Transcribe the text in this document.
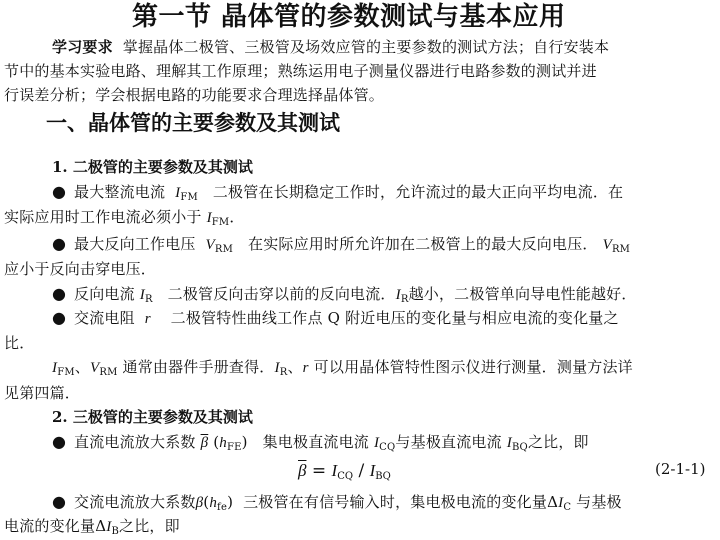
第一节 晶体管的参数测试与基本应用
学习要求 掌握晶体二极管、三极管及场效应管的主要参数的测试方法；自行安装本
节中的基本实验电路、理解其工作原理；熟练运用电子测量仪器进行电路参数的测试并进
行误差分析；学会根据电路的功能要求合理选择晶体管。
一、晶体管的主要参数及其测试
1. 二极管的主要参数及其测试
● 最大整流电流 $I_{FM}$ 二极管在长期稳定工作时，允许流过的最大正向平均电流．在
实际应用时工作电流必须小于 $I_{FM}$．
● 最大反向工作电压 $V_{RM}$ 在实际应用时所允许加在二极管上的最大反向电压． $V_{RM}$
应小于反向击穿电压．
● 反向电流 $I_R$ 二极管反向击穿以前的反向电流．$I_R$越小，二极管单向导电性能越好．
● 交流电阻 r 二极管特性曲线工作点 Q 附近电压的变化量与相应电流的变化量之
比．
$I_{FM}$、$V_{RM}$ 通常由器件手册查得．$I_R$、r 可以用晶体管特性图示仪进行测量．测量方法详
见第四篇．
2. 三极管的主要参数及其测试
● 直流电流放大系数 $\overline{\beta}$ $(h_{FE})$ 集电极直流电流 $I_{CQ}$与基极直流电流 $I_{BQ}$之比，即
$\overline{\beta} = I_{CQ} / I_{BQ}$	(2-1-1)
● 交流电流放大系数$\beta(h_{fe})$ 三极管在有信号输入时，集电极电流的变化量$\Delta I_C$ 与基极
电流的变化量$\Delta I_B$之比，即
